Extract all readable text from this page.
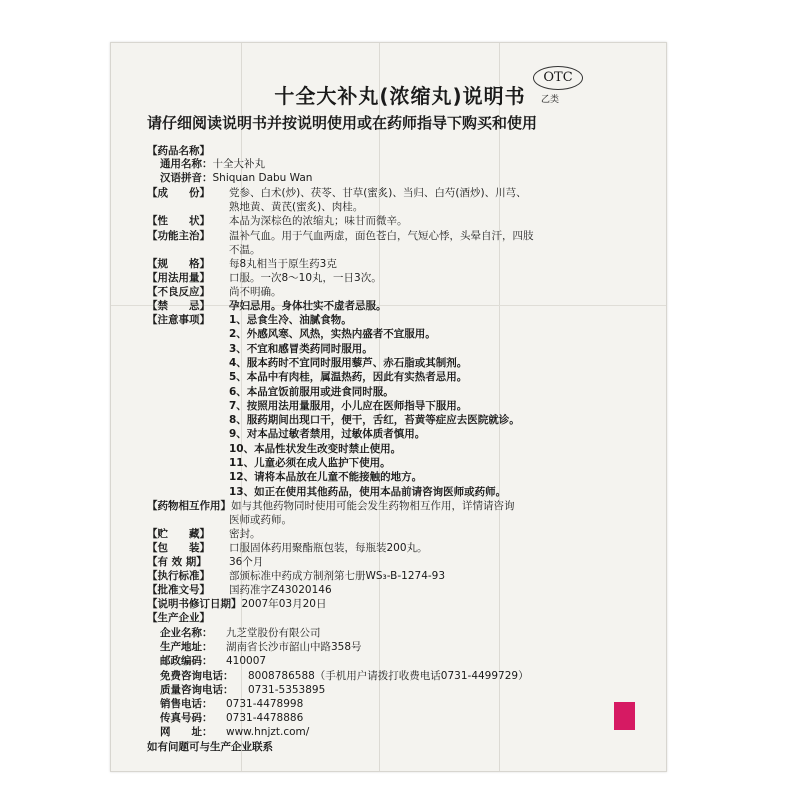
十全大补丸(浓缩丸)说明书
OTC
乙类
请仔细阅读说明书并按说明使用或在药师指导下购买和使用
【药品名称】
通用名称：十全大补丸
汉语拼音：Shiquan Dabu Wan
【成　　份】 党参、白术(炒)、茯苓、甘草(蜜炙)、当归、白芍(酒炒)、川芎、
熟地黄、黄芪(蜜炙)、肉桂。
【性　　状】 本品为深棕色的浓缩丸；味甘而微辛。
【功能主治】 温补气血。用于气血两虚，面色苍白，气短心悸，头晕自汗，四肢
不温。
【规　　格】 每8丸相当于原生药3克
【用法用量】 口服。一次8～10丸，一日3次。
【不良反应】 尚不明确。
【禁　　忌】 孕妇忌用。身体壮实不虚者忌服。
【注意事项】 1、忌食生冷、油腻食物。
2、外感风寒、风热，实热内盛者不宜服用。
3、不宜和感冒类药同时服用。
4、服本药时不宜同时服用藜芦、赤石脂或其制剂。
5、本品中有肉桂，属温热药，因此有实热者忌用。
6、本品宜饭前服用或进食同时服。
7、按照用法用量服用，小儿应在医师指导下服用。
8、服药期间出现口干，便干，舌红，苔黄等症应去医院就诊。
9、对本品过敏者禁用，过敏体质者慎用。
10、本品性状发生改变时禁止使用。
11、儿童必须在成人监护下使用。
12、请将本品放在儿童不能接触的地方。
13、如正在使用其他药品，使用本品前请咨询医师或药师。
【药物相互作用】如与其他药物同时使用可能会发生药物相互作用，详情请咨询
医师或药师。
【贮　　藏】 密封。
【包　　装】 口服固体药用聚酯瓶包装，每瓶装200丸。
【有 效 期】 36个月
【执行标准】 部颁标准中药成方制剂第七册WS₃-B-1274-93
【批准文号】 国药准字Z43020146
【说明书修订日期】2007年03月20日
【生产企业】
企业名称： 九芝堂股份有限公司
生产地址： 湖南省长沙市韶山中路358号
邮政编码： 410007
免费咨询电话： 8008786588（手机用户请拨打收费电话0731-4499729）
质量咨询电话： 0731-5353895
销售电话： 0731-4478998
传真号码： 0731-4478886
网　　址： www.hnjzt.com/
如有问题可与生产企业联系
